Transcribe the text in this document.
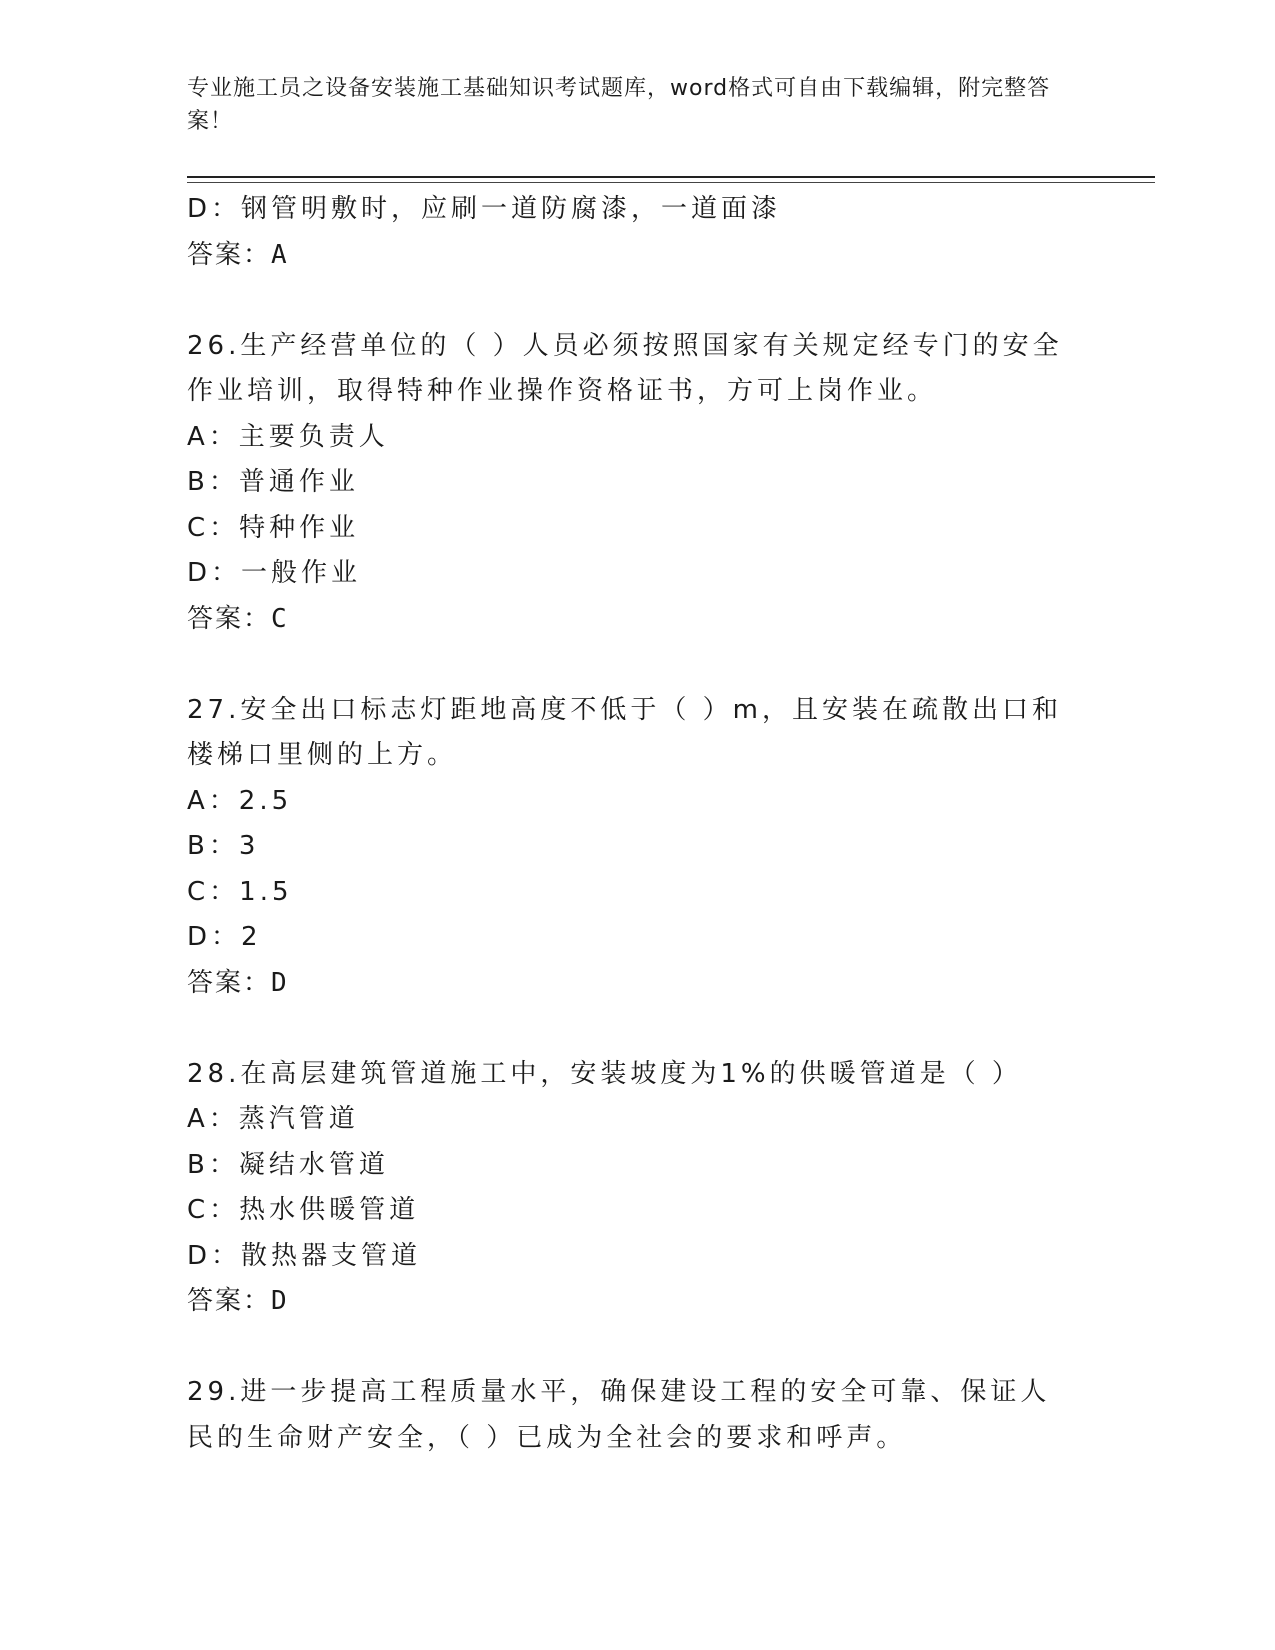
专业施工员之设备安装施工基础知识考试题库，word格式可自由下载编辑，附完整答案！
D：钢管明敷时，应刷一道防腐漆，一道面漆
答案：A
26.生产经营单位的（ ）人员必须按照国家有关规定经专门的安全作业培训，取得特种作业操作资格证书，方可上岗作业。
A：主要负责人
B：普通作业
C：特种作业
D：一般作业
答案：C
27.安全出口标志灯距地高度不低于（ ）m，且安装在疏散出口和楼梯口里侧的上方。
A：2.5
B：3
C：1.5
D：2
答案：D
28.在高层建筑管道施工中，安装坡度为1%的供暖管道是（ ）
A：蒸汽管道
B：凝结水管道
C：热水供暖管道
D：散热器支管道
答案：D
29.进一步提高工程质量水平，确保建设工程的安全可靠、保证人民的生命财产安全，（ ）已成为全社会的要求和呼声。
